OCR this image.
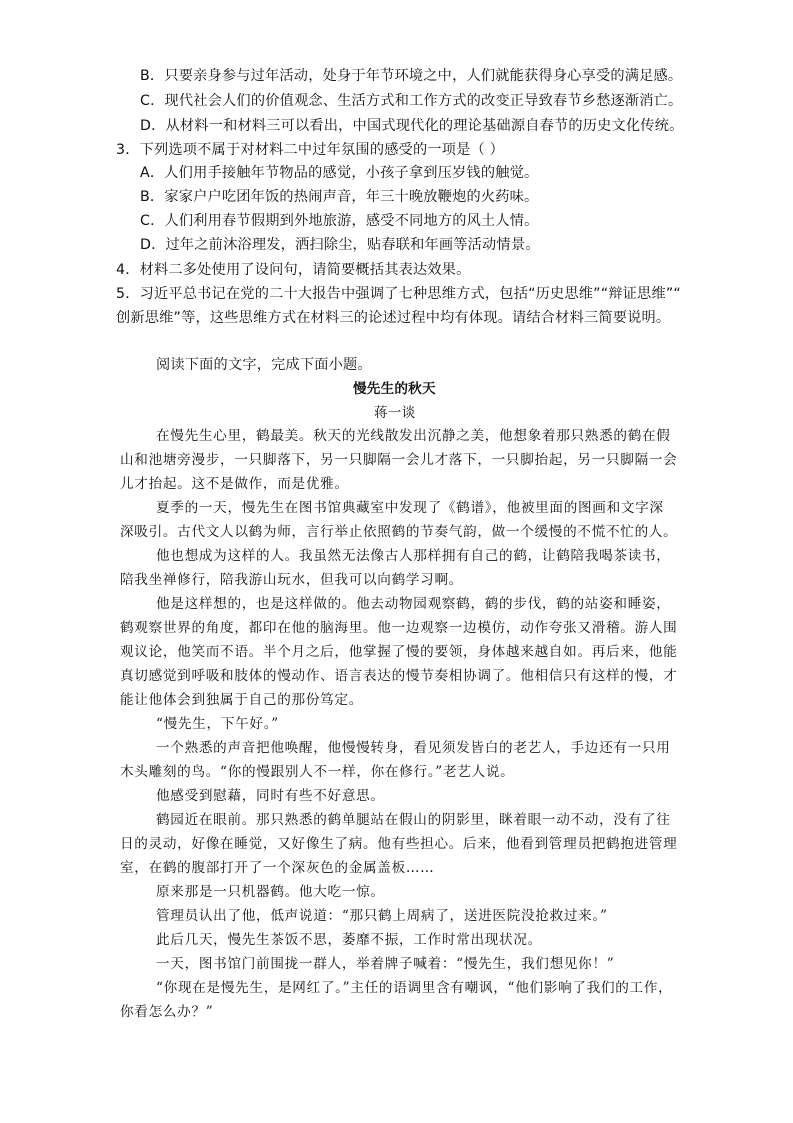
B．只要亲身参与过年活动，处身于年节环境之中，人们就能获得身心享受的满足感。
C．现代社会人们的价值观念、生活方式和工作方式的改变正导致春节乡愁逐渐消亡。
D．从材料一和材料三可以看出，中国式现代化的理论基础源自春节的历史文化传统。
3．下列选项不属于对材料二中过年氛围的感受的一项是（ ）
A．人们用手接触年节物品的感觉，小孩子拿到压岁钱的触觉。
B．家家户户吃团年饭的热闹声音，年三十晚放鞭炮的火药味。
C．人们利用春节假期到外地旅游，感受不同地方的风土人情。
D．过年之前沐浴理发，洒扫除尘，贴春联和年画等活动情景。
4．材料二多处使用了设问句，请简要概括其表达效果。
5．习近平总书记在党的二十大报告中强调了七种思维方式，包括“历史思维”“辩证思维”“
创新思维”等，这些思维方式在材料三的论述过程中均有体现。请结合材料三简要说明。
阅读下面的文字，完成下面小题。
慢先生的秋天
蒋一谈
在慢先生心里，鹤最美。秋天的光线散发出沉静之美，他想象着那只熟悉的鹤在假
山和池塘旁漫步，一只脚落下，另一只脚隔一会儿才落下，一只脚抬起，另一只脚隔一会
儿才抬起。这不是做作，而是优雅。
夏季的一天，慢先生在图书馆典藏室中发现了《鹤谱》，他被里面的图画和文字深
深吸引。古代文人以鹤为师，言行举止依照鹤的节奏气韵，做一个缓慢的不慌不忙的人。
他也想成为这样的人。我虽然无法像古人那样拥有自己的鹤，让鹤陪我喝茶读书，
陪我坐禅修行，陪我游山玩水，但我可以向鹤学习啊。
他是这样想的，也是这样做的。他去动物园观察鹤，鹤的步伐，鹤的站姿和睡姿，
鹤观察世界的角度，都印在他的脑海里。他一边观察一边模仿，动作夸张又滑稽。游人围
观议论，他笑而不语。半个月之后，他掌握了慢的要领，身体越来越自如。再后来，他能
真切感觉到呼吸和肢体的慢动作、语言表达的慢节奏相协调了。他相信只有这样的慢，才
能让他体会到独属于自己的那份笃定。
“慢先生，下午好。”
一个熟悉的声音把他唤醒，他慢慢转身，看见须发皆白的老艺人，手边还有一只用
木头雕刻的鸟。“你的慢跟别人不一样，你在修行。”老艺人说。
他感受到慰藉，同时有些不好意思。
鹤园近在眼前。那只熟悉的鹤单腿站在假山的阴影里，眯着眼一动不动，没有了往
日的灵动，好像在睡觉，又好像生了病。他有些担心。后来，他看到管理员把鹤抱进管理
室，在鹤的腹部打开了一个深灰色的金属盖板……
原来那是一只机器鹤。他大吃一惊。
管理员认出了他，低声说道：“那只鹤上周病了，送进医院没抢救过来。”
此后几天，慢先生茶饭不思，萎靡不振，工作时常出现状况。
一天，图书馆门前围拢一群人，举着牌子喊着：“慢先生，我们想见你！”
“你现在是慢先生，是网红了。”主任的语调里含有嘲讽，“他们影响了我们的工作，
你看怎么办？”
